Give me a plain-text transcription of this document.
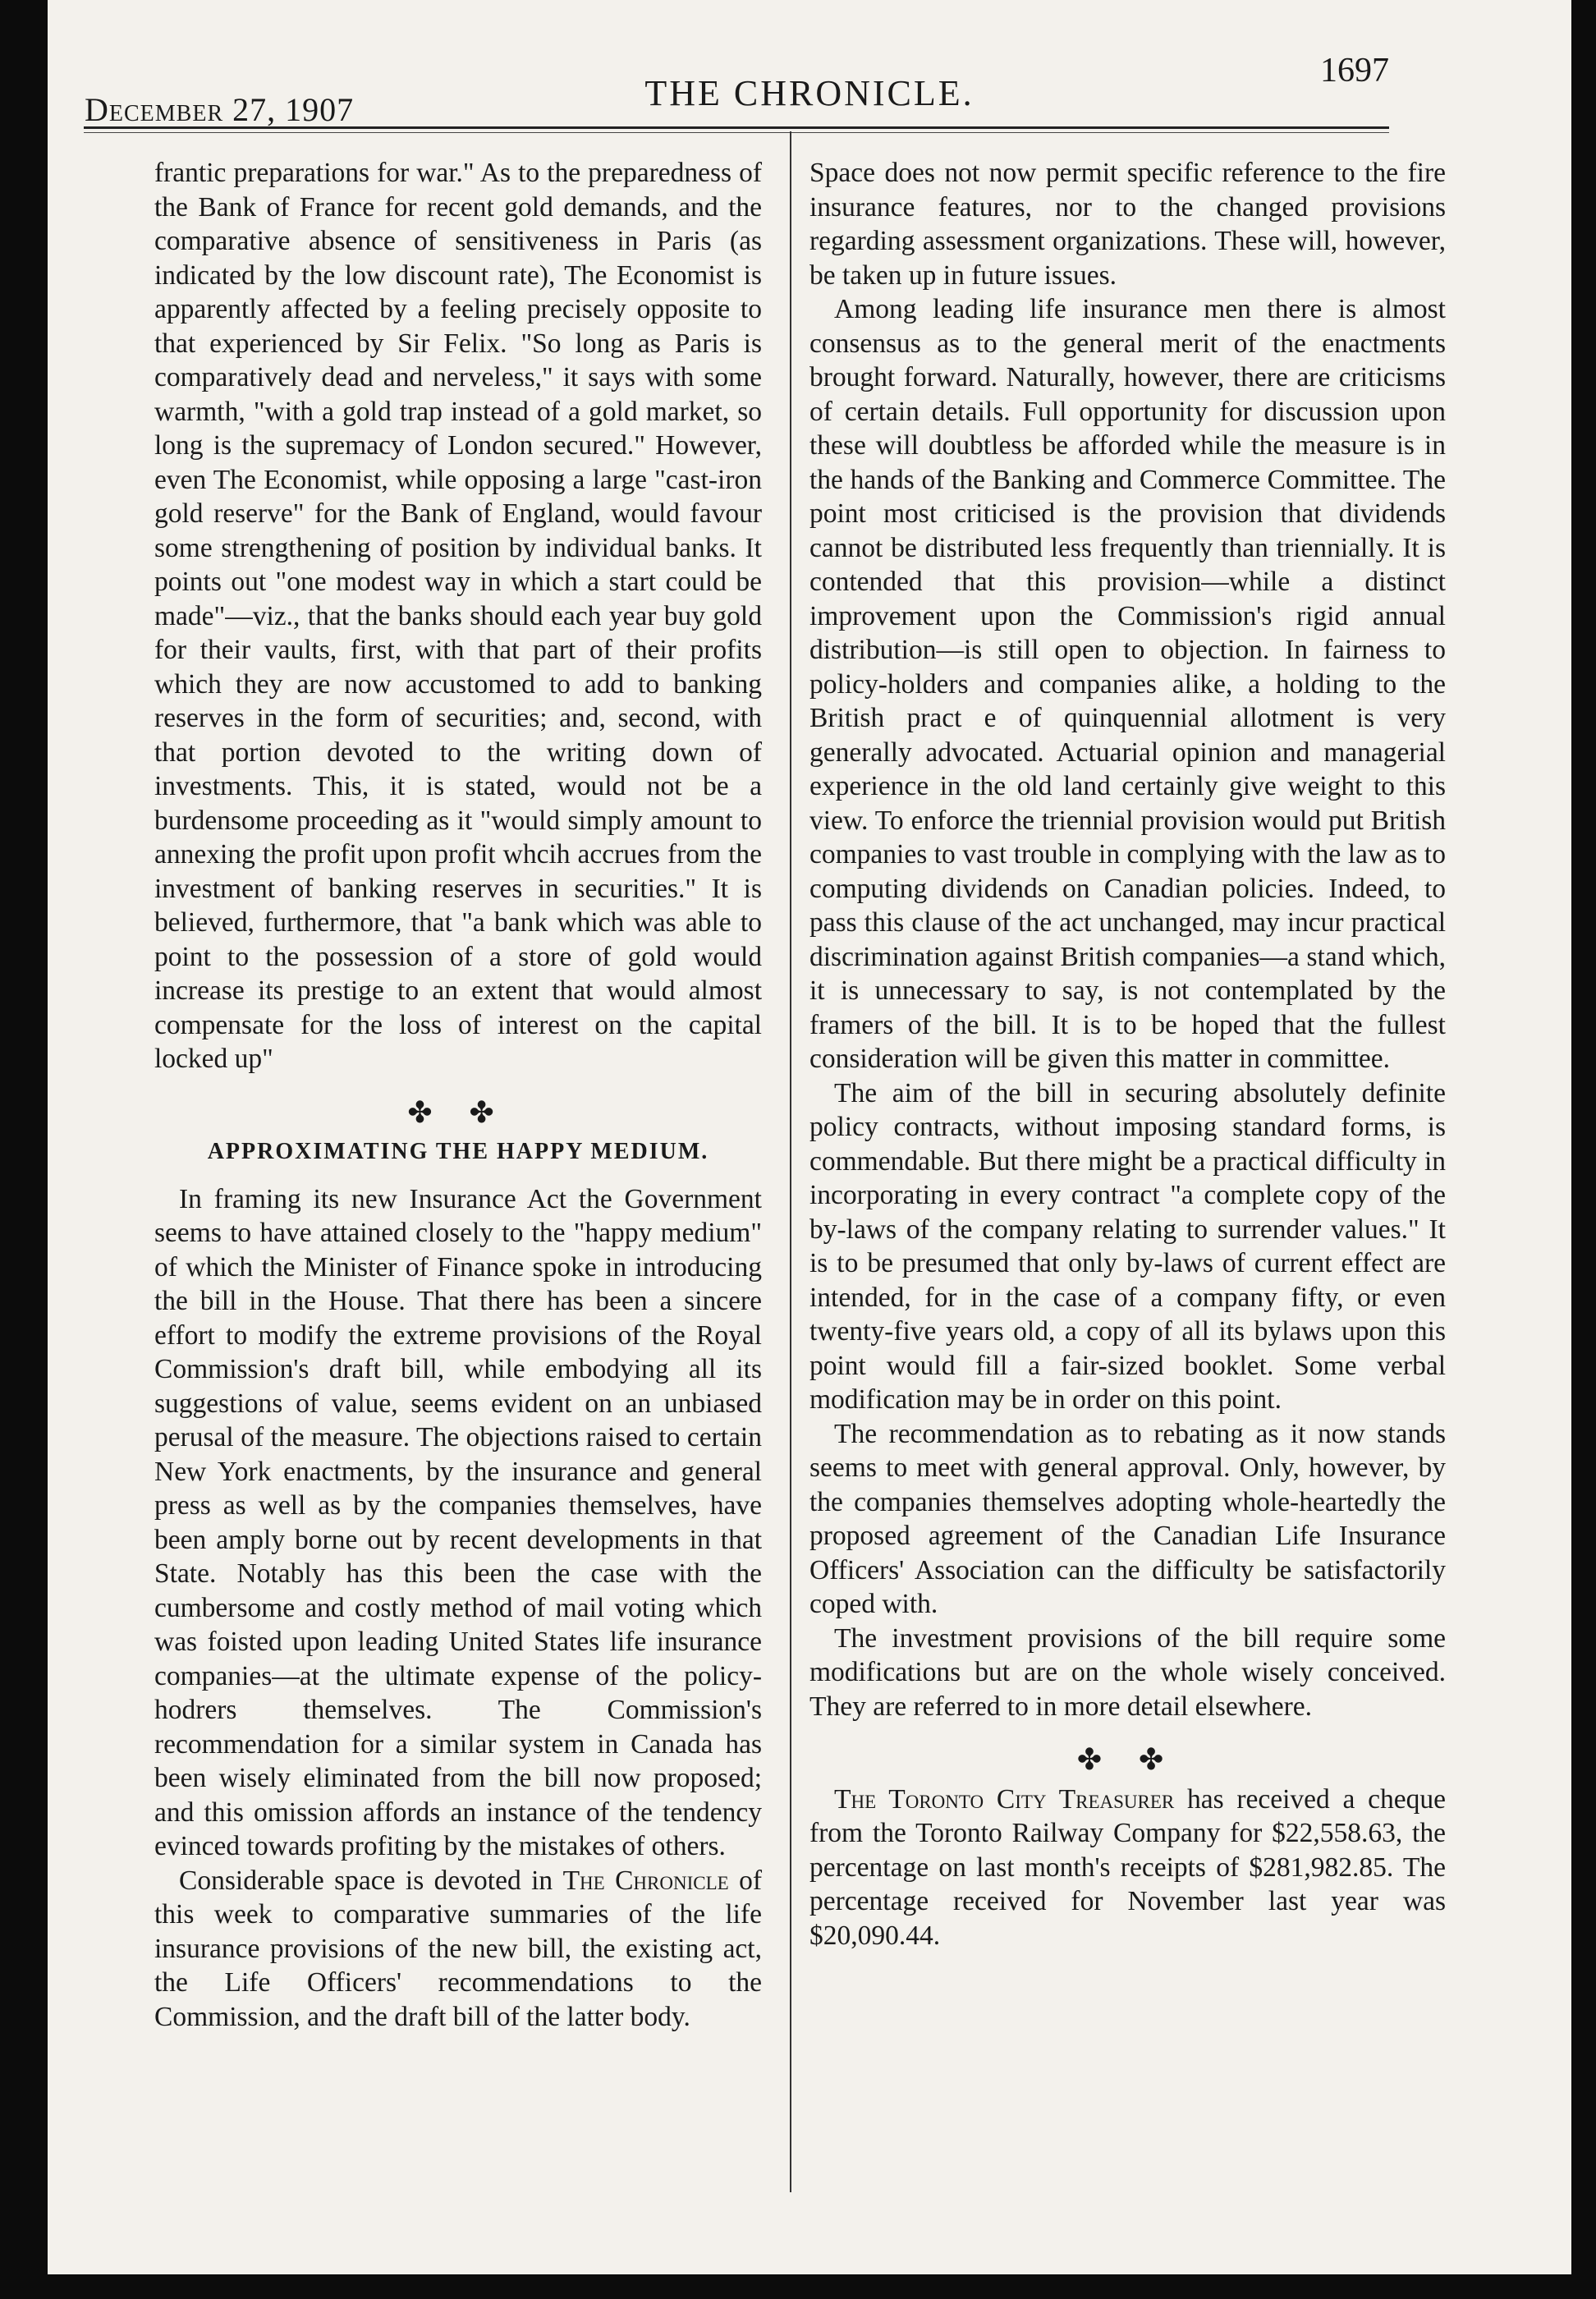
December 27, 1907	THE CHRONICLE.
1697

frantic preparations for war." As to the preparedness of the Bank of France for recent gold demands, and the comparative absence of sensitiveness in Paris (as indicated by the low discount rate), The Economist is apparently affected by a feeling precisely opposite to that experienced by Sir Felix. "So long as Paris is comparatively dead and nerveless," it says with some warmth, "with a gold trap instead of a gold market, so long is the supremacy of London secured." However, even The Economist, while opposing a large "cast-iron gold reserve" for the Bank of England, would favour some strengthening of position by individual banks. It points out "one modest way in which a start could be made"—viz., that the banks should each year buy gold for their vaults, first, with that part of their profits which they are now accustomed to add to banking reserves in the form of securities; and, second, with that portion devoted to the writing down of investments. This, it is stated, would not be a burdensome proceeding as it "would simply amount to annexing the profit upon profit whcih accrues from the investment of banking reserves in securities." It is believed, furthermore, that "a bank which was able to point to the possession of a store of gold would increase its prestige to an extent that would almost compensate for the loss of interest on the capital locked up"

✤ ✤
APPROXIMATING THE HAPPY MEDIUM.

In framing its new Insurance Act the Government seems to have attained closely to the "happy medium" of which the Minister of Finance spoke in introducing the bill in the House. That there has been a sincere effort to modify the extreme provisions of the Royal Commission's draft bill, while embodying all its suggestions of value, seems evident on an unbiased perusal of the measure. The objections raised to certain New York enactments, by the insurance and general press as well as by the companies themselves, have been amply borne out by recent developments in that State. Notably has this been the case with the cumbersome and costly method of mail voting which was foisted upon leading United States life insurance companies—at the ultimate expense of the policy-hodrers themselves. The Commission's recommendation for a similar system in Canada has been wisely eliminated from the bill now proposed; and this omission affords an instance of the tendency evinced towards profiting by the mistakes of others.

Considerable space is devoted in The Chronicle of this week to comparative summaries of the life insurance provisions of the new bill, the existing act, the Life Officers' recommendations to the Commission, and the draft bill of the latter body.

Space does not now permit specific reference to the fire insurance features, nor to the changed provisions regarding assessment organizations. These will, however, be taken up in future issues.

Among leading life insurance men there is almost consensus as to the general merit of the enactments brought forward. Naturally, however, there are criticisms of certain details. Full opportunity for discussion upon these will doubtless be afforded while the measure is in the hands of the Banking and Commerce Committee. The point most criticised is the provision that dividends cannot be distributed less frequently than triennially. It is contended that this provision—while a distinct improvement upon the Commission's rigid annual distribution—is still open to objection. In fairness to policy-holders and companies alike, a holding to the British pract e of quinquennial allotment is very generally advocated. Actuarial opinion and managerial experience in the old land certainly give weight to this view. To enforce the triennial provision would put British companies to vast trouble in complying with the law as to computing dividends on Canadian policies. Indeed, to pass this clause of the act unchanged, may incur practical discrimination against British companies—a stand which, it is unnecessary to say, is not contemplated by the framers of the bill. It is to be hoped that the fullest consideration will be given this matter in committee.

The aim of the bill in securing absolutely definite policy contracts, without imposing standard forms, is commendable. But there might be a practical difficulty in incorporating in every contract "a complete copy of the by-laws of the company relating to surrender values." It is to be presumed that only by-laws of current effect are intended, for in the case of a company fifty, or even twenty-five years old, a copy of all its bylaws upon this point would fill a fair-sized booklet. Some verbal modification may be in order on this point.

The recommendation as to rebating as it now stands seems to meet with general approval. Only, however, by the companies themselves adopting whole-heartedly the proposed agreement of the Canadian Life Insurance Officers' Association can the difficulty be satisfactorily coped with.

The investment provisions of the bill require some modifications but are on the whole wisely conceived. They are referred to in more detail elsewhere.

✤ ✤

The Toronto City Treasurer has received a cheque from the Toronto Railway Company for $22,558.63, the percentage on last month's receipts of $281,982.85. The percentage received for November last year was $20,090.44.
